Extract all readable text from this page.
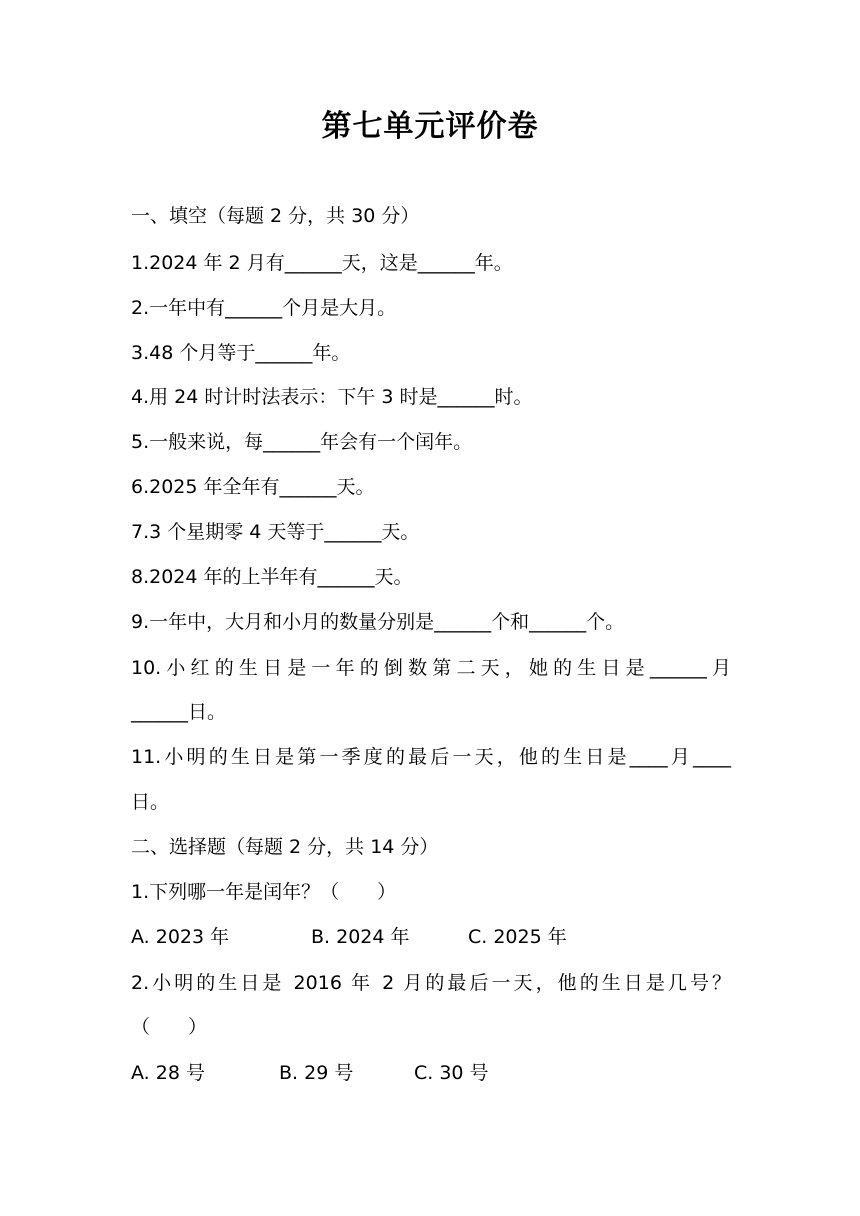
第七单元评价卷
一、填空（每题 2 分，共 30 分）
1.2024 年 2 月有______天，这是______年。
2.一年中有______个月是大月。
3.48 个月等于______年。
4.用 24 时计时法表示：下午 3 时是______时。
5.一般来说，每______年会有一个闰年。
6.2025 年全年有______天。
7.3 个星期零 4 天等于______天。
8.2024 年的上半年有______天。
9.一年中，大月和小月的数量分别是______个和______个。
10.小红的生日是一年的倒数第二天，她的生日是______月
______日。
11.小明的生日是第一季度的最后一天，他的生日是____月____
日。
二、选择题（每题 2 分，共 14 分）
1.下列哪一年是闰年？（　　）
A. 2023 年	B. 2024 年	C. 2025 年
2.小明的生日是 2016 年 2 月的最后一天，他的生日是几号？
（　　）
A. 28 号	B. 29 号	C. 30 号
